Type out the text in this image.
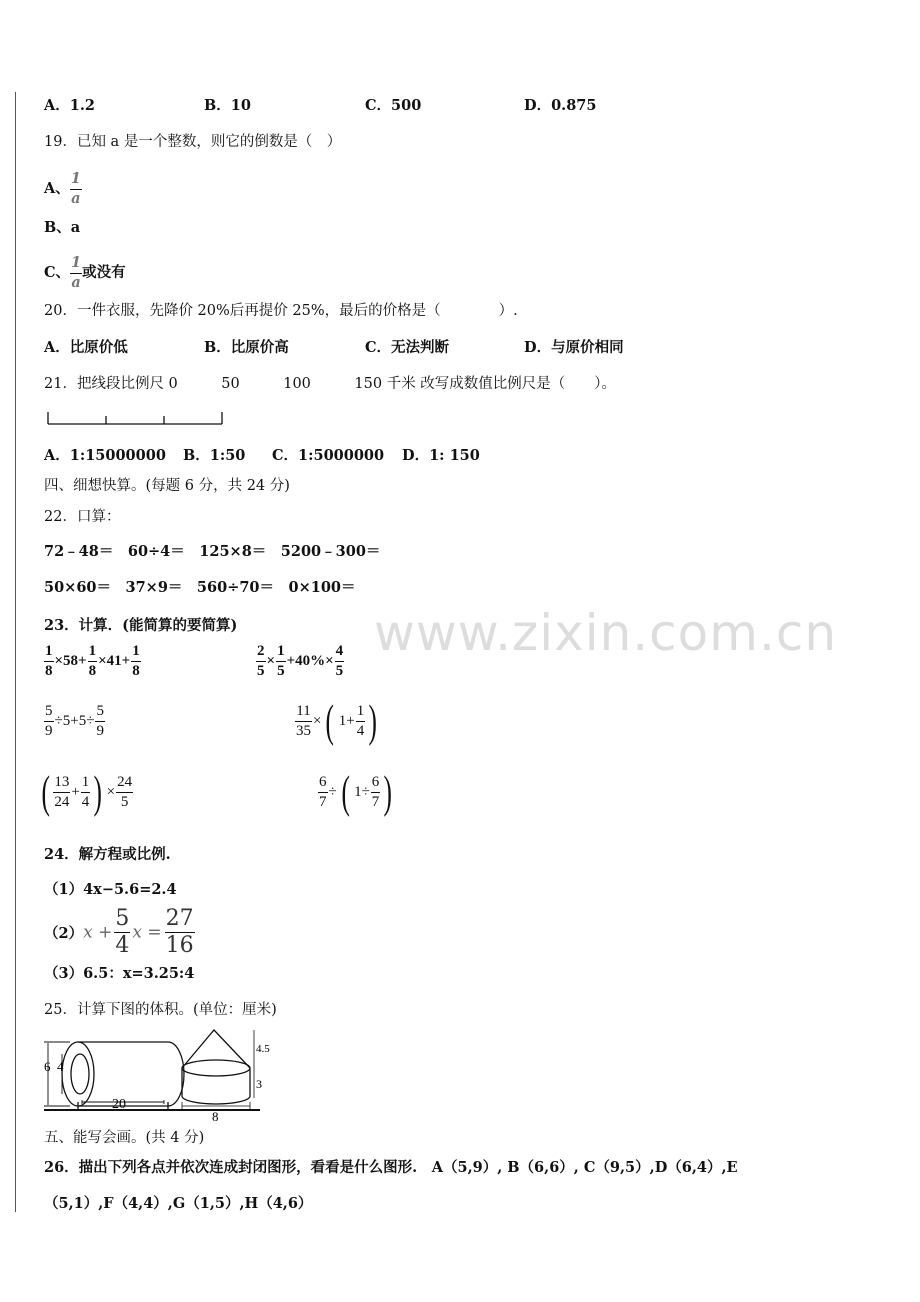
A．1.2	B．10	C．500	D．0.875
19．已知 a 是一个整数，则它的倒数是（　）
A、 $\frac{1}{a}$
B、a
C、 $\frac{1}{a}$ 或没有
20．一件衣服，先降价 20%后再提价 25%，最后的价格是（　　　　）.
A．比原价低	B．比原价高	C．无法判断	D．与原价相同
21．把线段比例尺 0　　　50　　　100　　　150 千米 改写成数值比例尺是（　　）。
A．1:15000000 B．1:50 C．1:5000000 D．1: 150
四、细想快算。(每题 6 分，共 24 分)
22．口算：
72﹣48＝　60÷4＝　125×8＝　5200﹣300＝
50×60＝　37×9＝　560÷70＝　0×100＝
23．计算．(能简算的要简算)
$\frac{1}{8} \times 58+ \frac{1}{8} \times 41+ \frac{1}{8}$	$\frac{2}{5} \times \frac{1}{5} +40\%\times \frac{4}{5}$
$\frac{5}{9} \div 5+5\div \frac{5}{9}$	$\frac{11}{35}$ ×( $1+ \frac{1}{4}$ )
( $\frac{13}{24} + \frac{1}{4}$ ) × $\frac{24}{5}$	$\frac{6}{7}$ ÷( $1\div \frac{6}{7}$ )
24．解方程或比例.
（1）4x−5.6=2.4
$(2)x + \frac{5}{4}$ $x = \frac{27}{16}$
（3）6.5：x=3.25:4
25．计算下图的体积。(单位：厘米)
6 4
20
4.5
3
8
五、能写会画。(共 4 分)
26．描出下列各点并依次连成封闭图形，看看是什么图形.　A（5,9）, B（6,6）, C（9,5）,D（6,4）,E
（5,1）,F（4,4）,G（1,5）,H（4,6）
www.zixin.com.cn
